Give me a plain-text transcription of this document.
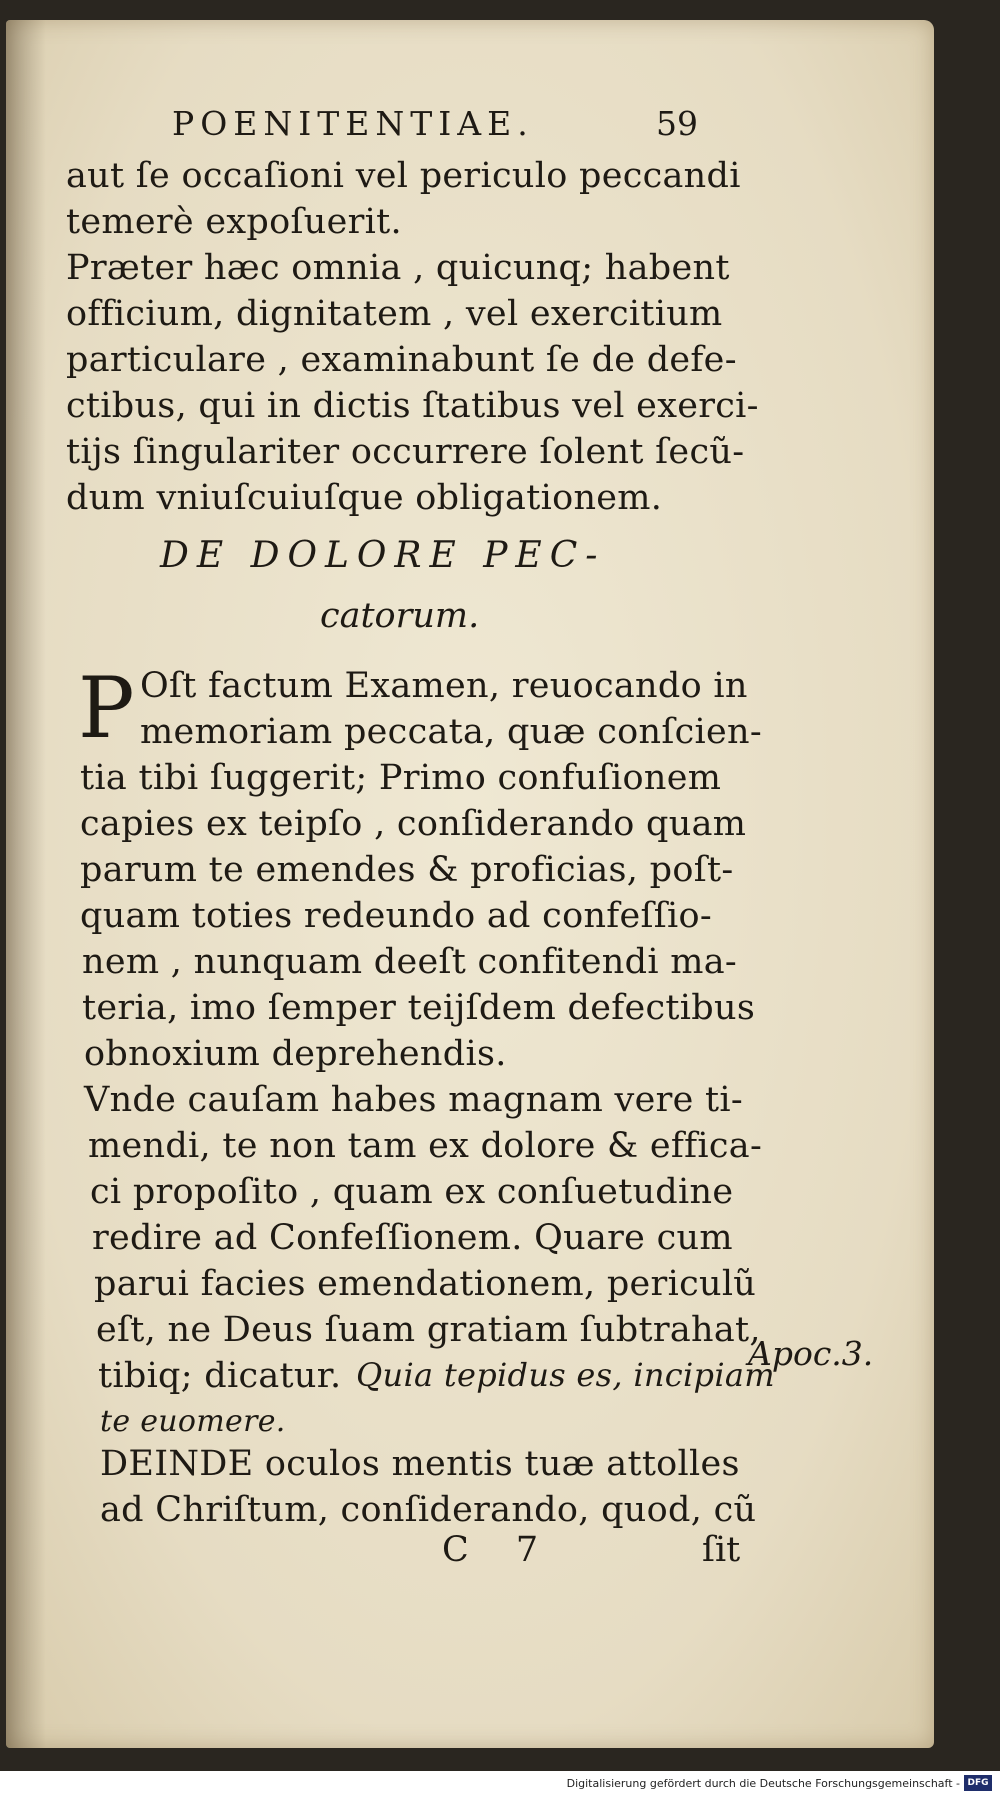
POENITENTIAE.	59
aut ſe occaſioni vel periculo peccandi
temerè expoſuerit.
Præter hæc omnia , quicunq; habent
officium, dignitatem , vel exercitium
particulare , examinabunt ſe de defe-
ctibus, qui in dictis ſtatibus vel exerci-
tijs ſingulariter occurrere ſolent ſecũ-
dum vniuſcuiuſque obligationem.
DE DOLORE PEC-
catorum.
P Oſt factum Examen, reuocando in
memoriam peccata, quæ conſcien-
tia tibi ſuggerit; Primo confuſionem
capies ex teipſo , conſiderando quam
parum te emendes & proficias, poſt-
quam toties redeundo ad confeſſio-
nem , nunquam deeſt confitendi ma-
teria, imo ſemper teijſdem defectibus
obnoxium deprehendis.
Vnde cauſam habes magnam vere ti-
mendi, te non tam ex dolore & effica-
ci propoſito , quam ex conſuetudine
redire ad Confeſſionem. Quare cum
parui facies emendationem, periculũ
eſt, ne Deus ſuam gratiam ſubtrahat,
tibiq; dicatur. Quia tepidus es, incipiam
te euomere.
Apoc.3.
DEINDE oculos mentis tuæ attolles
ad Chriſtum, conſiderando, quod, cũ
C 7	ſit
Digitalisierung gefördert durch die Deutsche Forschungsgemeinschaft - DFG
